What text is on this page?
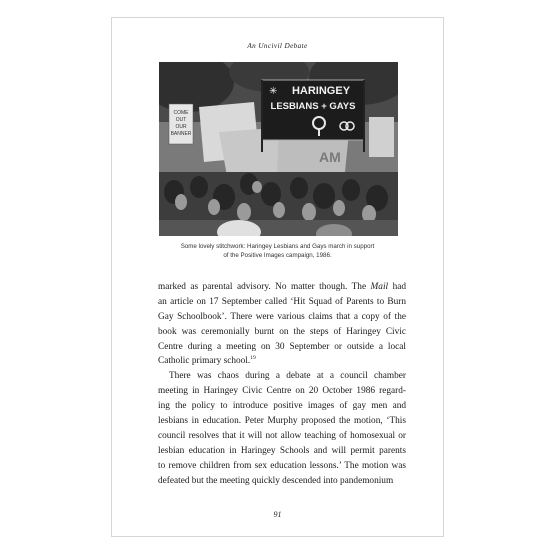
An Uncivil Debate
COME
OUT
OUR
BANNER
AM
✳ HARINGEY
LESBIANS + GAYS
Some lovely stitchwork: Haringey Lesbians and Gays march in support
of the Positive Images campaign, 1986.
marked as parental advisory. No matter though. The Mail had
an article on 17 September called ‘Hit Squad of Parents to Burn
Gay Schoolbook’. There were various claims that a copy of the
book was ceremonially burnt on the steps of Haringey Civic
Centre during a meeting on 30 September or outside a local
Catholic primary school.$^{19}$
There was chaos during a debate at a council chamber
meeting in Haringey Civic Centre on 20 October 1986 regard-
ing the policy to introduce positive images of gay men and
lesbians in education. Peter Murphy proposed the motion, ‘This
council resolves that it will not allow teaching of homosexual or
lesbian education in Haringey Schools and will permit parents
to remove children from sex education lessons.’ The motion was
defeated but the meeting quickly descended into pandemonium
91
